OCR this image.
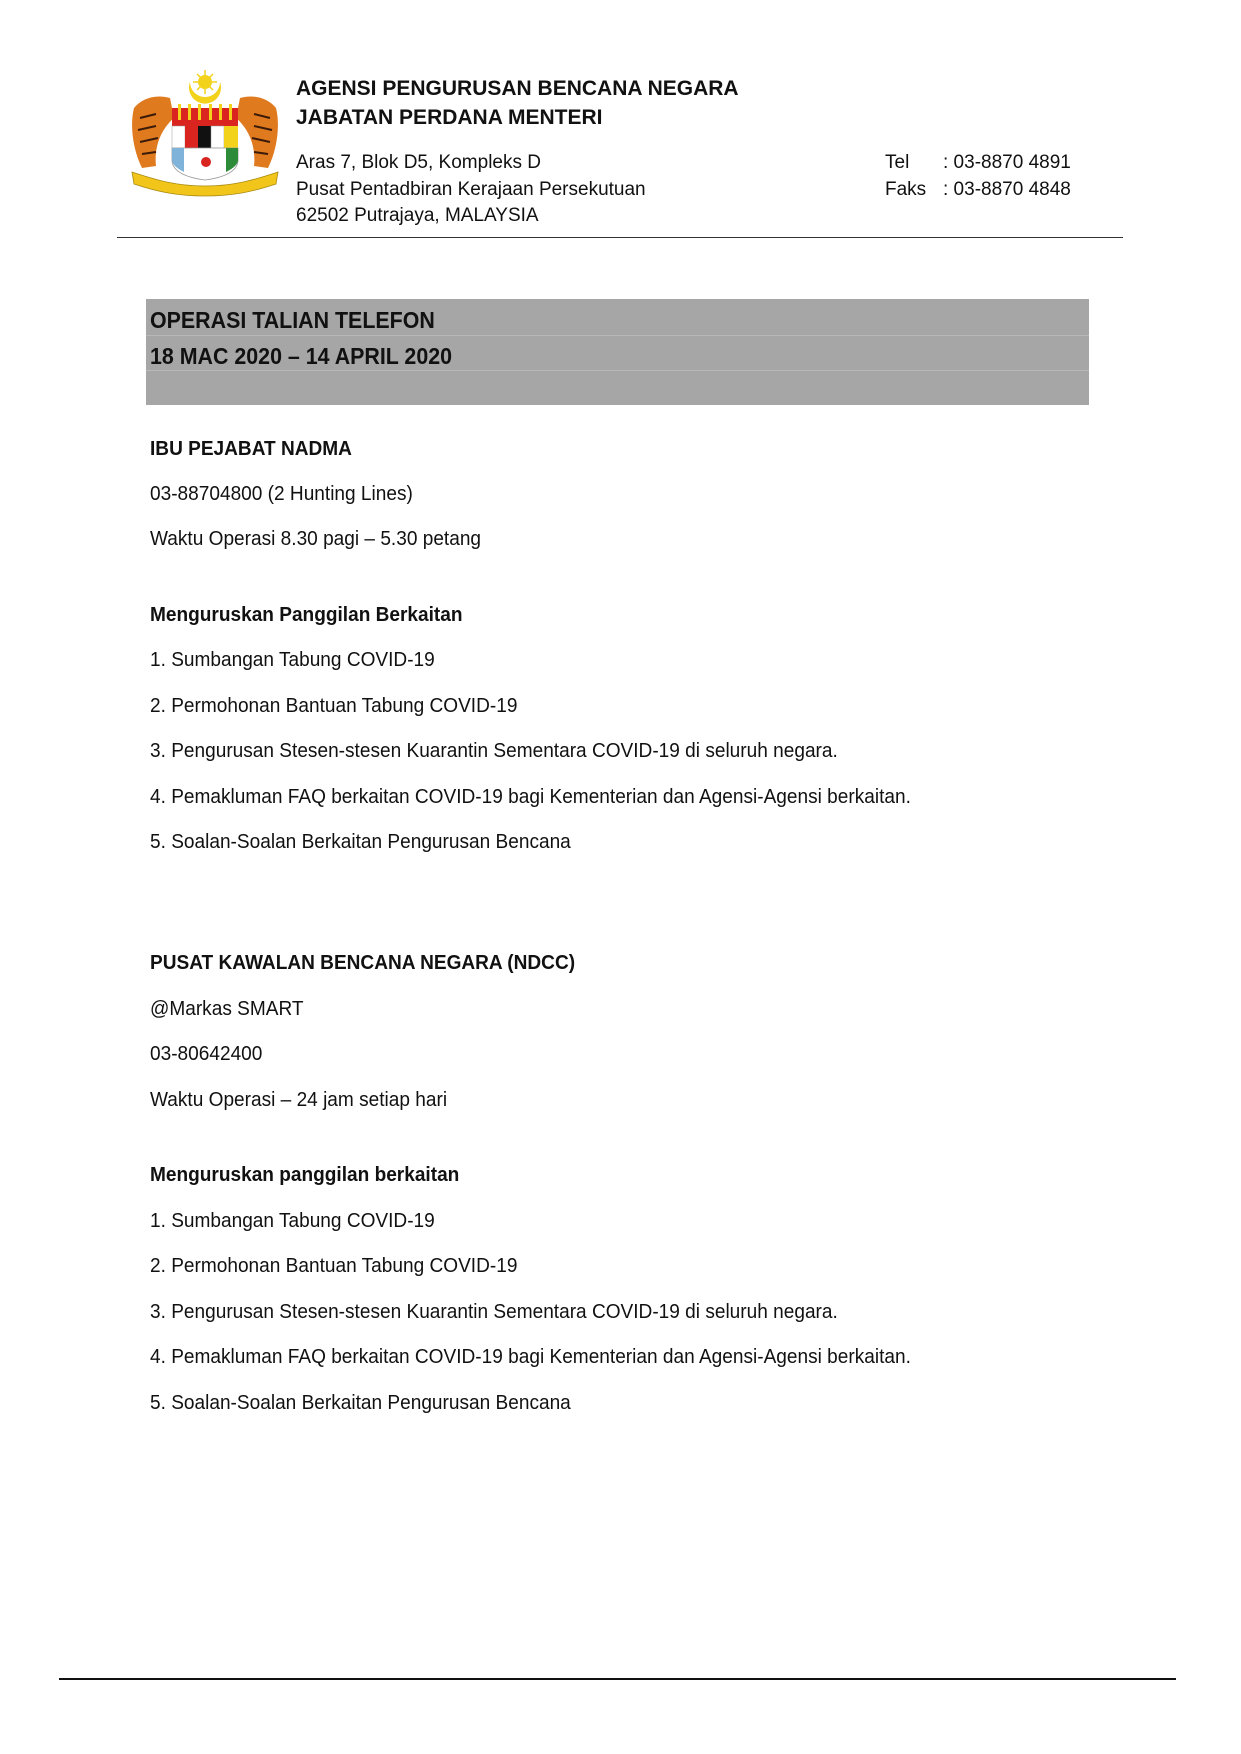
AGENSI PENGURUSAN BENCANA NEGARA
JABATAN PERDANA MENTERI
Aras 7, Blok D5, Kompleks D
Pusat Pentadbiran Kerajaan Persekutuan
62502 Putrajaya, MALAYSIA
Tel	: 03-8870 4891
Faks : 03-8870 4848
OPERASI TALIAN TELEFON
18 MAC 2020 – 14 APRIL 2020
IBU PEJABAT NADMA
03-88704800 (2 Hunting Lines)
Waktu Operasi 8.30 pagi – 5.30 petang
Menguruskan Panggilan Berkaitan
1. Sumbangan Tabung COVID-19
2. Permohonan Bantuan Tabung COVID-19
3. Pengurusan Stesen-stesen Kuarantin Sementara COVID-19 di seluruh negara.
4. Pemakluman FAQ berkaitan COVID-19 bagi Kementerian dan Agensi-Agensi berkaitan.
5. Soalan-Soalan Berkaitan Pengurusan Bencana
PUSAT KAWALAN BENCANA NEGARA (NDCC)
@Markas SMART
03-80642400
Waktu Operasi – 24 jam setiap hari
Menguruskan panggilan berkaitan
1. Sumbangan Tabung COVID-19
2. Permohonan Bantuan Tabung COVID-19
3. Pengurusan Stesen-stesen Kuarantin Sementara COVID-19 di seluruh negara.
4. Pemakluman FAQ berkaitan COVID-19 bagi Kementerian dan Agensi-Agensi berkaitan.
5. Soalan-Soalan Berkaitan Pengurusan Bencana
